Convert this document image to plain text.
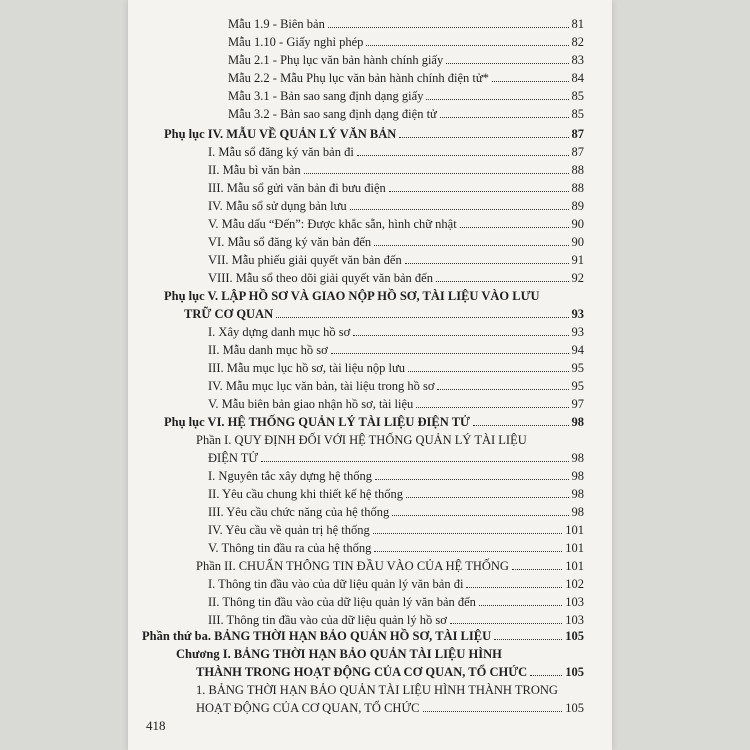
Mẫu 1.9 - Biên bản	81
Mẫu 1.10 - Giấy nghỉ phép	82
Mẫu 2.1 - Phụ lục văn bản hành chính giấy	83
Mẫu 2.2 - Mẫu Phụ lục văn bản hành chính điện tử*	84
Mẫu 3.1 - Bản sao sang định dạng giấy	85
Mẫu 3.2 - Bản sao sang định dạng điện tử	85
Phụ lục IV. MẪU VỀ QUẢN LÝ VĂN BẢN	87
I. Mẫu sổ đăng ký văn bản đi	87
II. Mẫu bì văn bản	88
III. Mẫu sổ gửi văn bản đi bưu điện	88
IV. Mẫu sổ sử dụng bản lưu	89
V. Mẫu dấu “Đến”: Được khắc sẵn, hình chữ nhật	90
VI. Mẫu sổ đăng ký văn bản đến	90
VII. Mẫu phiếu giải quyết văn bản đến	91
VIII. Mẫu sổ theo dõi giải quyết văn bản đến	92
Phụ lục V. LẬP HỒ SƠ VÀ GIAO NỘP HỒ SƠ, TÀI LIỆU VÀO LƯU
TRỮ CƠ QUAN	93
I. Xây dựng danh mục hồ sơ	93
II. Mẫu danh mục hồ sơ	94
III. Mẫu mục lục hồ sơ, tài liệu nộp lưu	95
IV. Mẫu mục lục văn bản, tài liệu trong hồ sơ	95
V. Mẫu biên bản giao nhận hồ sơ, tài liệu	97
Phụ lục VI. HỆ THỐNG QUẢN LÝ TÀI LIỆU ĐIỆN TỬ	98
Phần I. QUY ĐỊNH ĐỐI VỚI HỆ THỐNG QUẢN LÝ TÀI LIỆU
ĐIỆN TỬ	98
I. Nguyên tắc xây dựng hệ thống	98
II. Yêu cầu chung khi thiết kế hệ thống	98
III. Yêu cầu chức năng của hệ thống	98
IV. Yêu cầu về quản trị hệ thống	101
V. Thông tin đầu ra của hệ thống	101
Phần II. CHUẨN THÔNG TIN ĐẦU VÀO CỦA HỆ THỐNG	101
I. Thông tin đầu vào của dữ liệu quản lý văn bản đi	102
II. Thông tin đầu vào của dữ liệu quản lý văn bản đến	103
III. Thông tin đầu vào của dữ liệu quản lý hồ sơ	103
Phần thứ ba. BẢNG THỜI HẠN BẢO QUẢN HỒ SƠ, TÀI LIỆU	105
Chương I. BẢNG THỜI HẠN BẢO QUẢN TÀI LIỆU HÌNH
THÀNH TRONG HOẠT ĐỘNG CỦA CƠ QUAN, TỔ CHỨC	105
1. BẢNG THỜI HẠN BẢO QUẢN TÀI LIỆU HÌNH THÀNH TRONG
HOẠT ĐỘNG CỦA CƠ QUAN, TỔ CHỨC	105
418
